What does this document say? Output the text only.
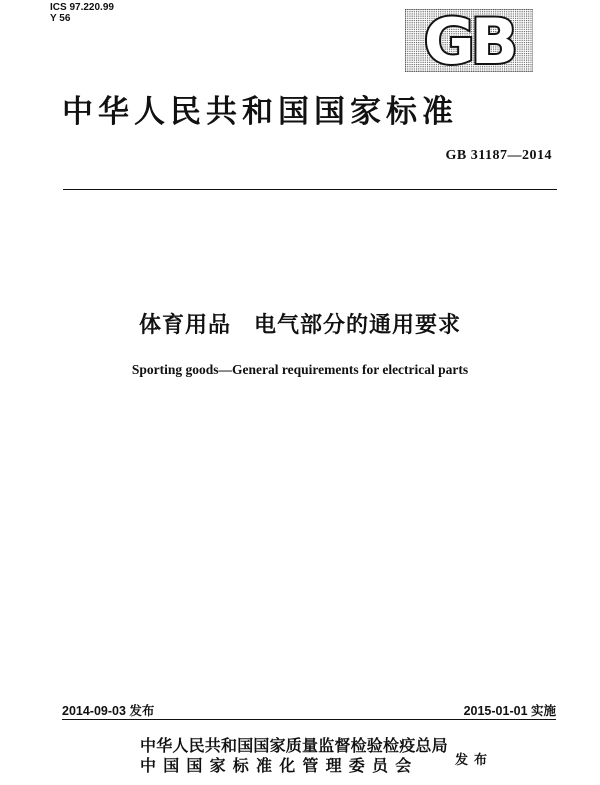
ICS 97.220.99
Y 56	GB
中华人民共和国国家标准
GB 31187—2014
体育用品　电气部分的通用要求
Sporting goods—General requirements for electrical parts
2014-09-03 发布	2015-01-01 实施
中华人民共和国国家质量监督检验检疫总局
中国国家标准化管理委员会	发布
